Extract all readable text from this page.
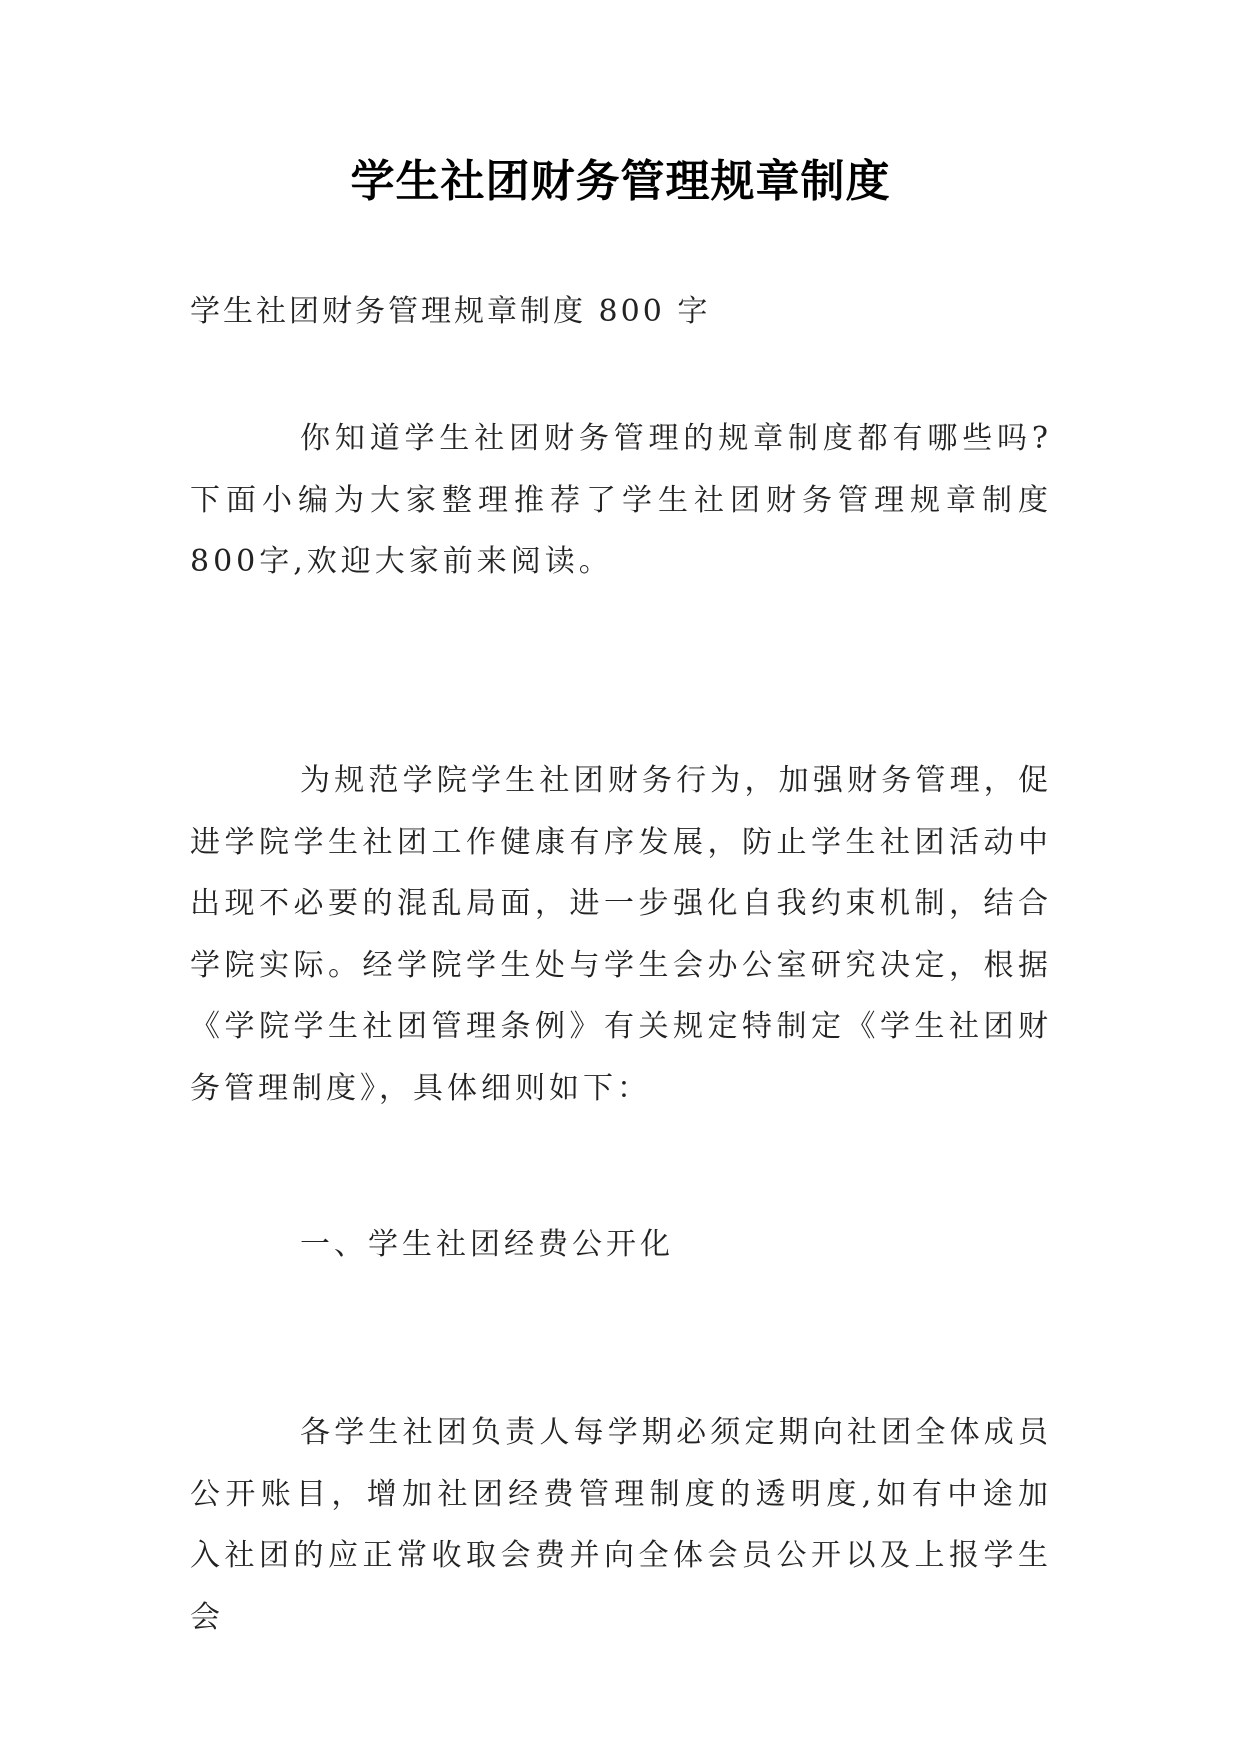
学生社团财务管理规章制度
学生社团财务管理规章制度 800 字

你知道学生社团财务管理的规章制度都有哪些吗?下面小编为大家整理推荐了学生社团财务管理规章制度800字,欢迎大家前来阅读。

为规范学院学生社团财务行为，加强财务管理，促进学院学生社团工作健康有序发展，防止学生社团活动中出现不必要的混乱局面，进一步强化自我约束机制，结合学院实际。经学院学生处与学生会办公室研究决定，根据《学院学生社团管理条例》有关规定特制定《学生社团财务管理制度》，具体细则如下：

一、学生社团经费公开化

各学生社团负责人每学期必须定期向社团全体成员公开账目，增加社团经费管理制度的透明度,如有中途加入社团的应正常收取会费并向全体会员公开以及上报学生会
